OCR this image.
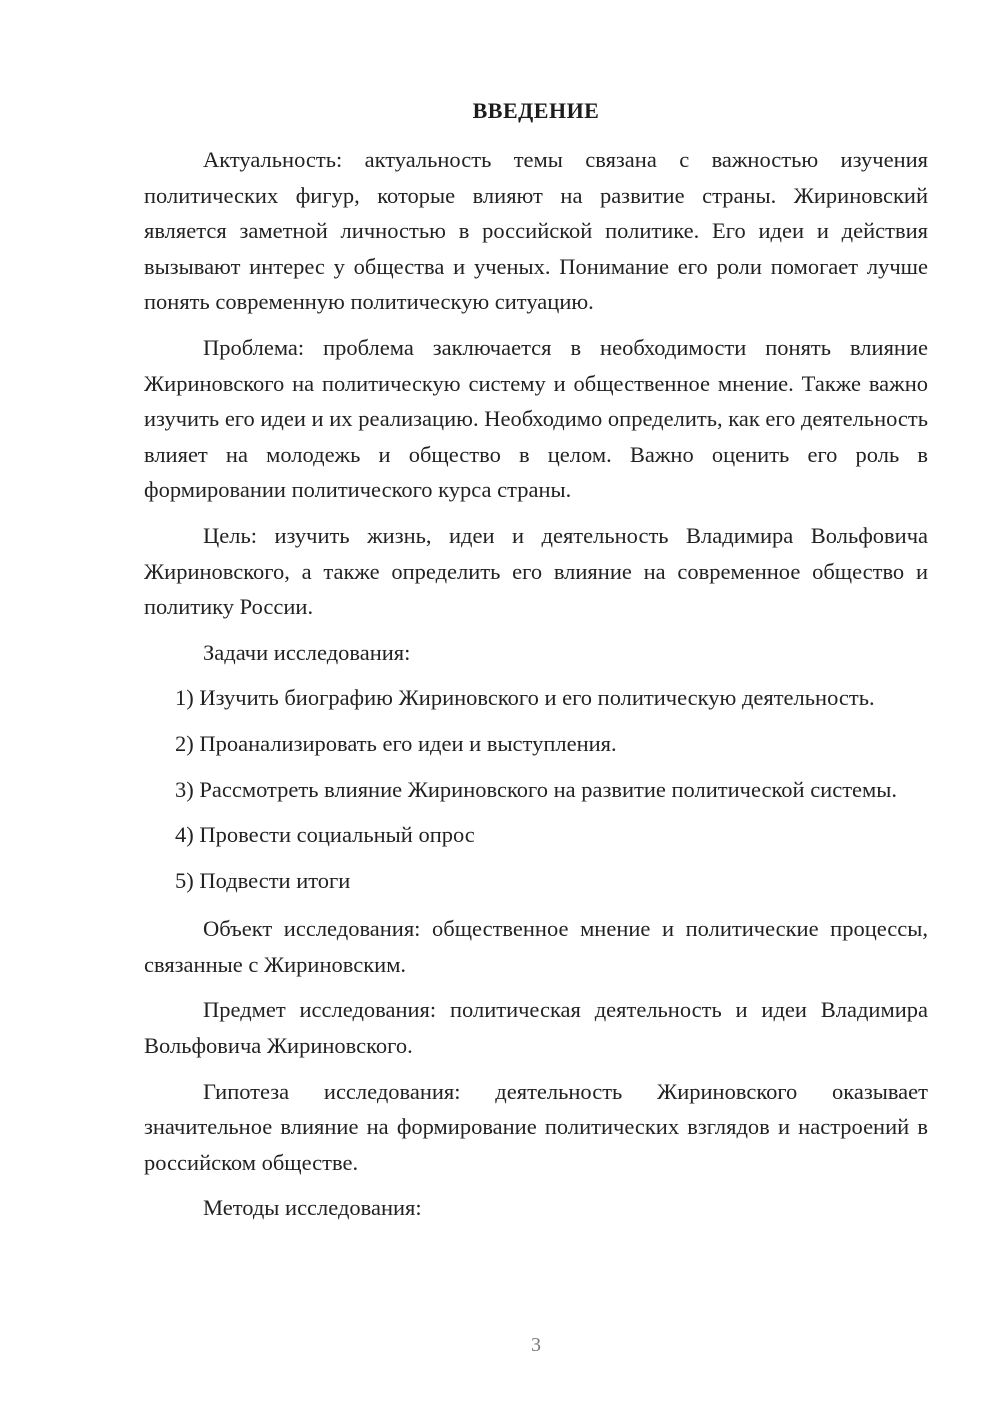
ВВЕДЕНИЕ

Актуальность: актуальность темы связана с важностью изучения политических фигур, которые влияют на развитие страны. Жириновский является заметной личностью в российской политике. Его идеи и действия вызывают интерес у общества и ученых. Понимание его роли помогает лучше понять современную политическую ситуацию.

Проблема: проблема заключается в необходимости понять влияние Жириновского на политическую систему и общественное мнение. Также важно изучить его идеи и их реализацию. Необходимо определить, как его деятельность влияет на молодежь и общество в целом. Важно оценить его роль в формировании политического курса страны.

Цель: изучить жизнь, идеи и деятельность Владимира Вольфовича Жириновского, а также определить его влияние на современное общество и политику России.

Задачи исследования:

1) Изучить биографию Жириновского и его политическую деятельность.

2) Проанализировать его идеи и выступления.

3) Рассмотреть влияние Жириновского на развитие политической системы.

4) Провести социальный опрос

5) Подвести итоги

Объект исследования: общественное мнение и политические процессы, связанные с Жириновским.

Предмет исследования: политическая деятельность и идеи Владимира Вольфовича Жириновского.

Гипотеза исследования: деятельность Жириновского оказывает значительное влияние на формирование политических взглядов и настроений в российском обществе.

Методы исследования:

3
